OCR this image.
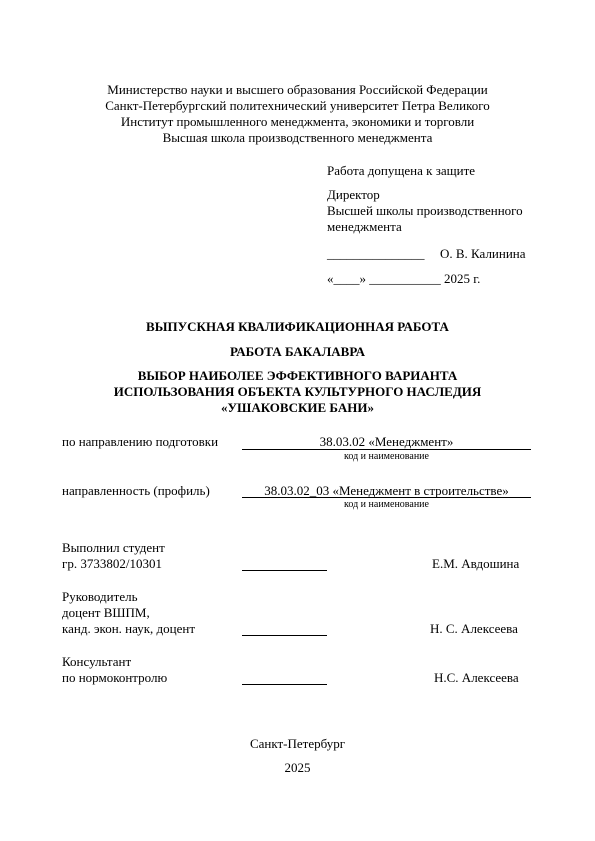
Министерство науки и высшего образования Российской Федерации
Санкт-Петербургский политехнический университет Петра Великого
Институт промышленного менеджмента, экономики и торговли
Высшая школа производственного менеджмента
Работа допущена к защите
Директор
Высшей школы производственного
менеджмента
_______________ О. В. Калинина
«____» ___________ 2025 г.
ВЫПУСКНАЯ КВАЛИФИКАЦИОННАЯ РАБОТА
РАБОТА БАКАЛАВРА
ВЫБОР НАИБОЛЕЕ ЭФФЕКТИВНОГО ВАРИАНТА
ИСПОЛЬЗОВАНИЯ ОБЪЕКТА КУЛЬТУРНОГО НАСЛЕДИЯ
«УШАКОВСКИЕ БАНИ»
по направлению подготовки	38.03.02 «Менеджмент»
код и наименование
направленность (профиль)	38.03.02_03 «Менеджмент в строительстве»
код и наименование
Выполнил студент
гр. 3733802/10301	Е.М. Авдошина
Руководитель
доцент ВШПМ,
канд. экон. наук, доцент	Н. С. Алексеева
Консультант
по нормоконтролю	Н.С. Алексеева
Санкт-Петербург
2025
